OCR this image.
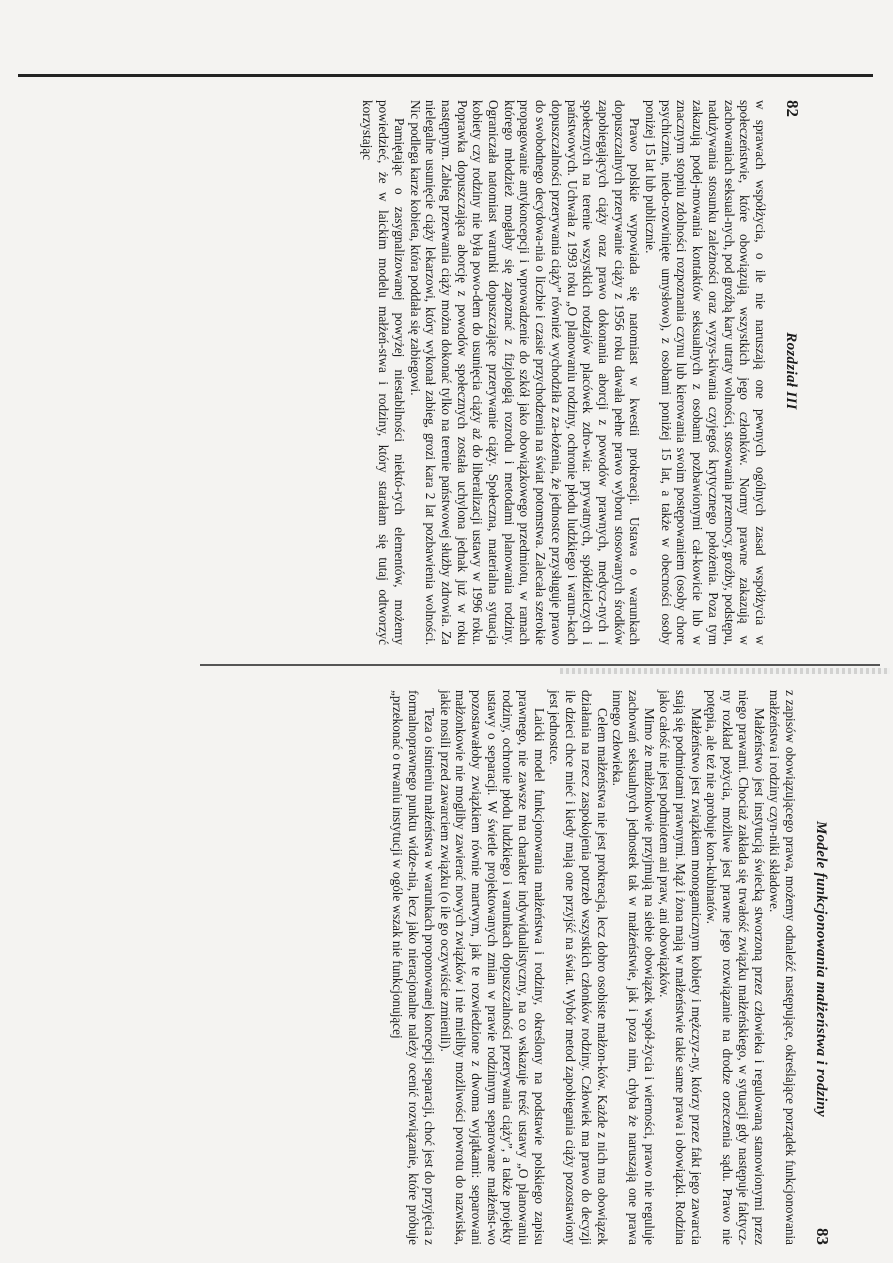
82
Rozdział III

w sprawach współżycia, o ile nie naruszają one pewnych ogólnych zasad współżycia w społeczeństwie, które obowiązują wszystkich jego członków. Normy prawne zakazują w zachowaniach seksual-nych, pod groźbą kary utraty wolności, stosowania przemocy, groźby, podstępu, nadużywania stosunku zależności oraz wyzys-kiwania czyjegoś krytycznego położenia. Poza tym zakazują podej-mowania kontaktów seksualnych z osobami pozbawionymi cał-kowicie lub w znacznym stopniu zdolności rozpoznania czynu lub kierowania swoim postępowaniem (osoby chore psychicznie, niedo-rozwinięte umysłowo), z osobami poniżej 15 lat, a także w obecności osoby poniżej 15 lat lub publicznie.

Prawo polskie wypowiada się natomiast w kwestii prokreacji. Ustawa o warunkach dopuszczalnych przerywanie ciąży z 1956 roku dawała pełne prawo wyboru stosowanych środków zapobiegających ciąży oraz prawo dokonania aborcji z powodów prawnych, medycz-nych i społecznych na terenie wszystkich rodzajów placówek zdro-wia: prywatnych, spółdzielczych i państwowych. Uchwała z 1993 roku „O planowaniu rodziny, ochronie płodu ludzkiego i warun-kach dopuszczalności przerywania ciąży” również wychodziła z za-łożenia, że jednostce przysługuje prawo do swobodnego decydowa-nia o liczbie i czasie przychodzenia na świat potomstwa. Zalecała szerokie propagowanie antykoncepcji i wprowadzenie do szkół jako obowiązkowego przedmiotu, w ramach którego młodzież mogłaby się zapoznać z fizjologią rozrodu i metodami planowania rodziny. Ograniczała natomiast warunki dopuszczające przerywanie ciąży. Społeczna, materialna sytuacja kobiety czy rodziny nie była powo-dem do usunięcia ciąży aż do liberalizacji ustawy w 1996 roku. Poprawka dopuszczająca aborcję z powodów społecznych została uchylona jednak już w roku następnym. Zabieg przerwania ciąży można dokonać tylko na terenie państwowej służby zdrowia. Za nielegalne usunięcie ciąży lekarzowi, który wykonał zabieg, grozi kara 2 lat pozbawienia wolności. Nic podlega karze kobieta, która poddała się zabiegowi.

Pamiętając o zasygnalizowanej powyżej niestabilności niektó-rych elementów, możemy powiedzieć, że w laickim modelu małżeń-stwa i rodziny, który starałam się tutaj odtworzyć korzystając

Modele funkcjonowania małżeństwa i rodziny
83

z zapisów obowiązującego prawa, możemy odnaleźć następujące, określające porządek funkcjonowania małżeństwa i rodziny czyn-niki składowe.

Małżeństwo jest instytucją świecką stworzoną przez człowieka i regulowaną stanowionymi przez niego prawami. Chociaż zakłada się trwałość związku małżeńskiego, w sytuacji gdy następuje faktycz-ny rozkład pożycia, możliwe jest prawne jego rozwiązanie na drodze orzeczenia sądu. Prawo nie potępia, ale też nie aprobuje kon-kubinatów.

Małżeństwo jest związkiem monogamicznym kobiety i mężczyz-ny, którzy przez fakt jego zawarcia stają się podmiotami prawnymi. Mąż i żona mają w małżeństwie takie same prawa i obowiązki. Rodzina jako całość nie jest podmiotem ani praw, ani obowiązków.

Mimo że małżonkowie przyjmują na siebie obowiązek współ-życia i wierności, prawo nie reguluje zachowań seksualnych jednostek tak w małżeństwie, jak i poza nim, chyba że naruszają one prawa innego człowieka.

Celem małżeństwa nie jest prokreacja, lecz dobro osobiste małżon-ków. Każde z nich ma obowiązek działania na rzecz zaspokojenia potrzeb wszystkich członków rodziny. Człowiek ma prawo do decyzji ile dzieci chce mieć i kiedy mają one przyjść na świat. Wybór metod zapobiegania ciąży pozostawiony jest jednostce.

Laicki model funkcjonowania małżeństwa i rodziny, określony na podstawie polskiego zapisu prawnego, nie zawsze ma charakter indywidualistyczny, na co wskazuje treść ustawy „O planowaniu rodziny, ochronie płodu ludzkiego i warunkach dopuszczalności przerywania ciąży”, a także projekty ustawy o separacji. W świetle projektowanych zmian w prawie rodzinnym separowane małżeńst-wo pozostawałoby związkiem równie martwym, jak te rozwiedzione z dwoma wyjątkami: separowani małżonkowie nie mogliby zawierać nowych związków i nie mieliby możliwości powrotu do nazwiska, jakie nosili przed zawarciem związku (o ile go oczywiście zmienili).

Teza o istnieniu małżeństwa w warunkach proponowanej koncepcji separacji, choć jest do przyjęcia z formalnoprawnego punktu widze-nia, lecz jako nieracjonalne należy ocenić rozwiązanie, które próbuje „przekonać o trwaniu instytucji w ogóle wszak nie funkcjonującej
